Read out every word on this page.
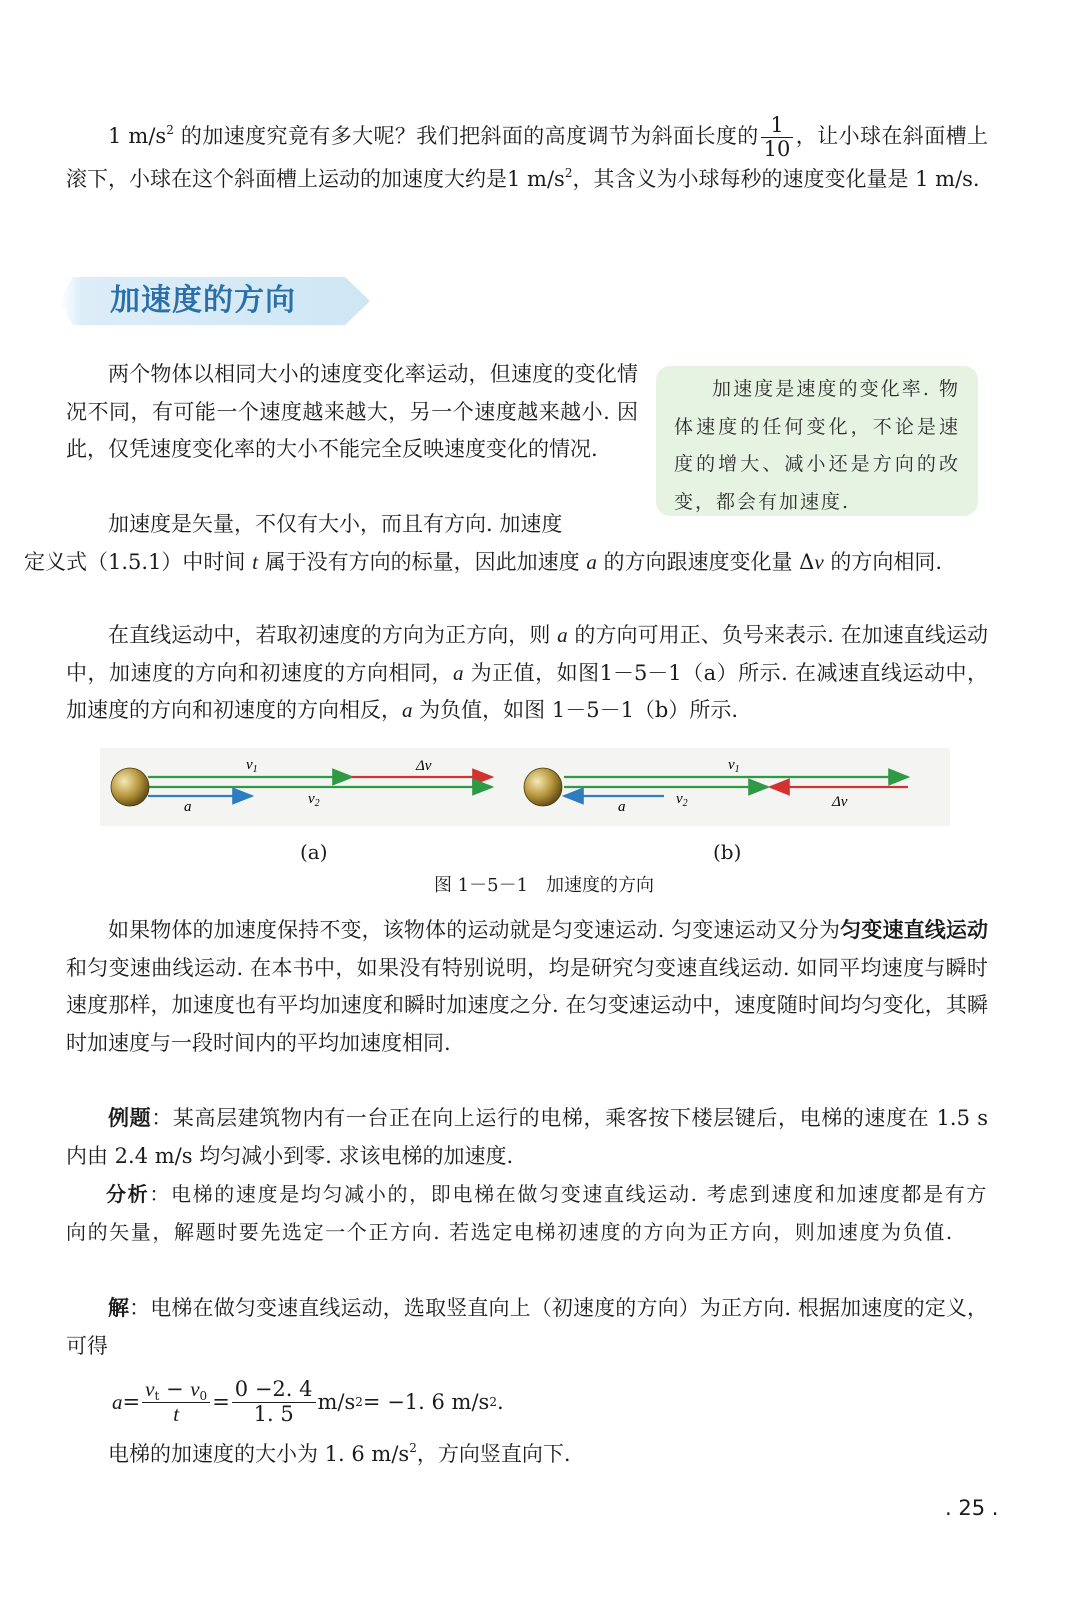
1 $m/s^2$ 的加速度究竟有多大呢？我们把斜面的高度调节为斜面长度的 $\frac{1}{10}$ ，让小球在斜面槽上滚下，小球在这个斜面槽上运动的加速度大约是1 $m/s^2$，其含义为小球每秒的速度变化量是 1 m/s.

加速度的方向

加速度是速度的变化率. 物体速度的任何变化，不论是速度的增大、减小还是方向的改变，都会有加速度.

两个物体以相同大小的速度变化率运动，但速度的变化情况不同，有可能一个速度越来越大，另一个速度越来越小. 因此，仅凭速度变化率的大小不能完全反映速度变化的情况.

加速度是矢量，不仅有大小，而且有方向. 加速度
定义式（1.5.1）中时间 t 属于没有方向的标量，因此加速度 a 的方向跟速度变化量 Δv 的方向相同.

在直线运动中，若取初速度的方向为正方向，则 a 的方向可用正、负号来表示. 在加速直线运动中，加速度的方向和初速度的方向相同，a 为正值，如图1－5－1（a）所示. 在减速直线运动中，加速度的方向和初速度的方向相反，a 为负值，如图 1－5－1（b）所示.

$v_1$	Δv
$v_2$
a
$v_1$
$v_2$
a	Δv

(a)	(b)

图 1－5－1　加速度的方向

如果物体的加速度保持不变，该物体的运动就是匀变速运动. 匀变速运动又分为匀变速直线运动和匀变速曲线运动. 在本书中，如果没有特别说明，均是研究匀变速直线运动. 如同平均速度与瞬时速度那样，加速度也有平均加速度和瞬时加速度之分. 在匀变速运动中，速度随时间均匀变化，其瞬时加速度与一段时间内的平均加速度相同.

例题：某高层建筑物内有一台正在向上运行的电梯，乘客按下楼层键后，电梯的速度在 1.5 s 内由 2.4 m/s 均匀减小到零. 求该电梯的加速度.

分析：电梯的速度是均匀减小的，即电梯在做匀变速直线运动. 考虑到速度和加速度都是有方向的矢量，解题时要先选定一个正方向. 若选定电梯初速度的方向为正方向，则加速度为负值.

解：电梯在做匀变速直线运动，选取竖直向上（初速度的方向）为正方向. 根据加速度的定义，可得

$a = \frac{v_t - v_0}{t} = \frac{0 -2. 4}{1. 5} m/s$ 2 = −1. 6 m/s 2 .

电梯的加速度的大小为 1. 6 $m/s^2$，方向竖直向下.

. 25 .
